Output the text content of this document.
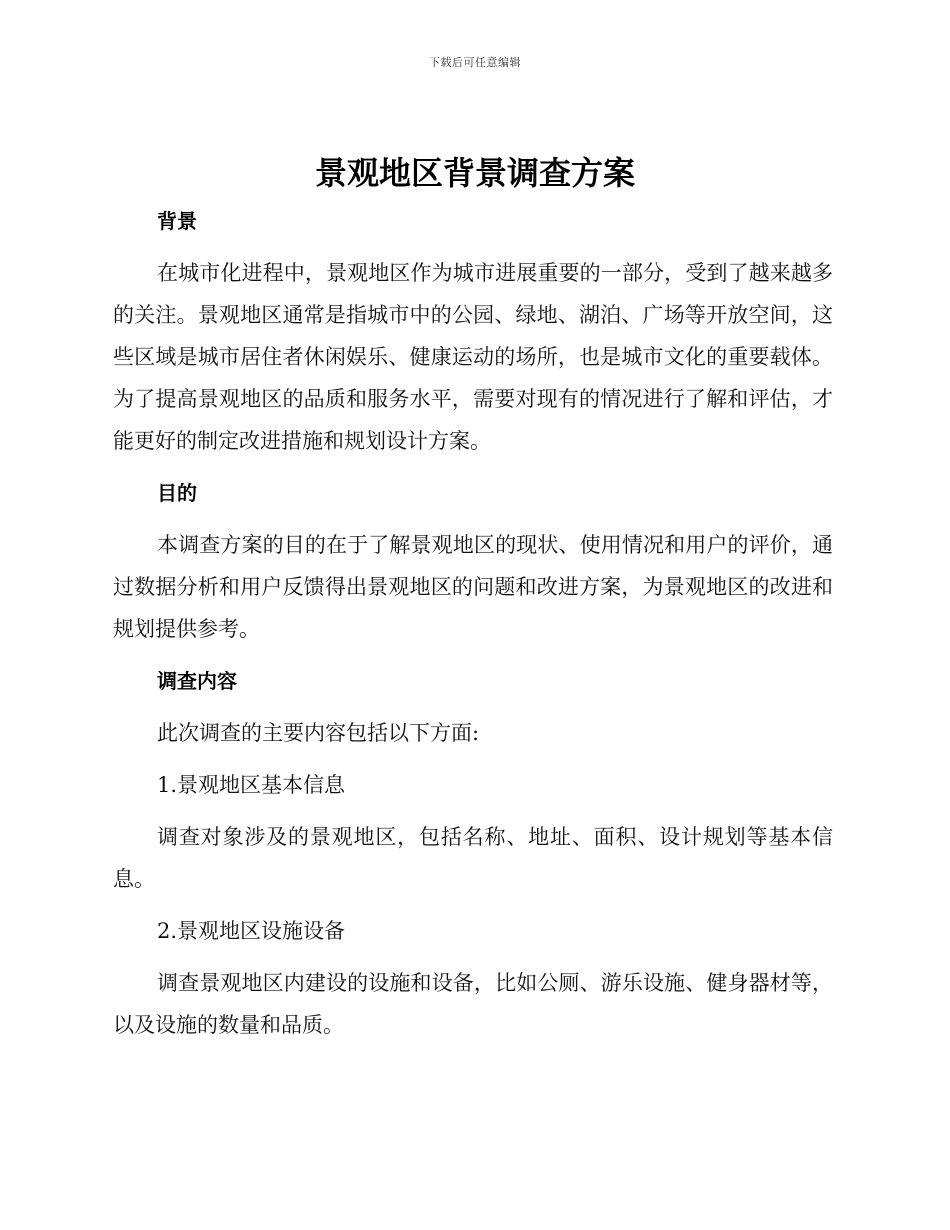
下载后可任意编辑
景观地区背景调查方案
背景

在城市化进程中，景观地区作为城市进展重要的一部分，受到了越来越多的关注。景观地区通常是指城市中的公园、绿地、湖泊、广场等开放空间，这些区域是城市居住者休闲娱乐、健康运动的场所，也是城市文化的重要载体。为了提高景观地区的品质和服务水平，需要对现有的情况进行了解和评估，才能更好的制定改进措施和规划设计方案。

目的

本调查方案的目的在于了解景观地区的现状、使用情况和用户的评价，通过数据分析和用户反馈得出景观地区的问题和改进方案，为景观地区的改进和规划提供参考。

调查内容

此次调查的主要内容包括以下方面:

1.景观地区基本信息

调查对象涉及的景观地区，包括名称、地址、面积、设计规划等基本信息。

2.景观地区设施设备

调查景观地区内建设的设施和设备，比如公厕、游乐设施、健身器材等，以及设施的数量和品质。
